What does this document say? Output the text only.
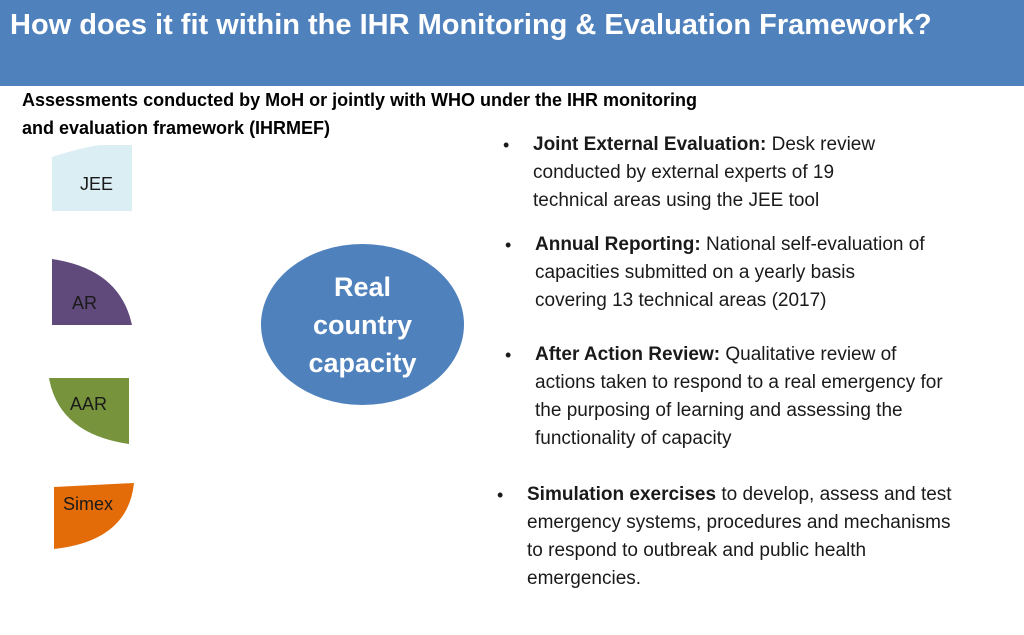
How does it fit within the IHR Monitoring & Evaluation Framework?
Assessments conducted by MoH or jointly with WHO under the IHR monitoring and evaluation framework (IHRMEF)
JEE
AR
AAR
Simex
Real country capacity
• Joint External Evaluation: Desk review conducted by external experts of 19 technical areas using the JEE tool
• Annual Reporting: National self-evaluation of capacities submitted on a yearly basis covering 13 technical areas (2017)
• After Action Review: Qualitative review of actions taken to respond to a real emergency for the purposing of learning and assessing the functionality of capacity
• Simulation exercises to develop, assess and test emergency systems, procedures and mechanisms to respond to outbreak and public health emergencies.
